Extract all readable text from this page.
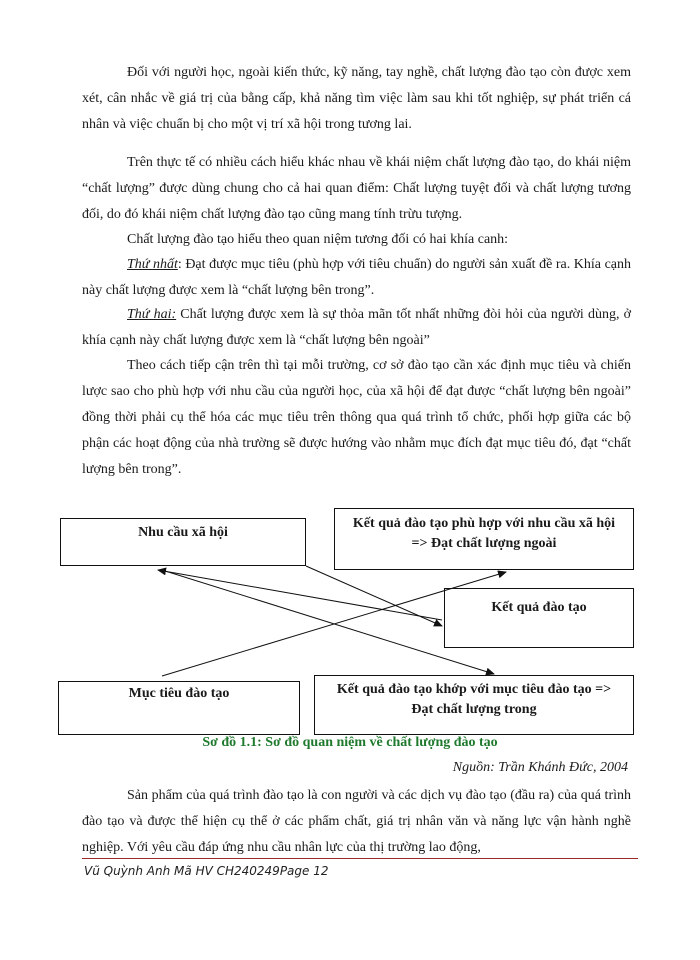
Đối với người học, ngoài kiến thức, kỹ năng, tay nghề, chất lượng đào tạo còn được xem xét, cân nhắc về giá trị của bằng cấp, khả năng tìm việc làm sau khi tốt nghiệp, sự phát triển cá nhân và việc chuẩn bị cho một vị trí xã hội trong tương lai.

Trên thực tế có nhiều cách hiểu khác nhau về khái niệm chất lượng đào tạo, do khái niệm “chất lượng” được dùng chung cho cả hai quan điểm: Chất lượng tuyệt đối và chất lượng tương đối, do đó khái niệm chất lượng đào tạo cũng mang tính trừu tượng.

Chất lượng đào tạo hiểu theo quan niệm tương đối có hai khía canh:

Thứ nhất: Đạt được mục tiêu (phù hợp với tiêu chuẩn) do người sản xuất đề ra. Khía cạnh này chất lượng được xem là “chất lượng bên trong”.

Thứ hai: Chất lượng được xem là sự thỏa mãn tốt nhất những đòi hỏi của người dùng, ở khía cạnh này chất lượng được xem là “chất lượng bên ngoài”

Theo cách tiếp cận trên thì tại mỗi trường, cơ sở đào tạo cần xác định mục tiêu và chiến lược sao cho phù hợp với nhu cầu của người học, của xã hội để đạt được “chất lượng bên ngoài” đồng thời phải cụ thể hóa các mục tiêu trên thông qua quá trình tổ chức, phối hợp giữa các bộ phận các hoạt động của nhà trường sẽ được hướng vào nhằm mục đích đạt mục tiêu đó, đạt “chất lượng bên trong”.

Nhu cầu xã hội
Kết quả đào tạo phù hợp với nhu cầu xã hội => Đạt chất lượng ngoài
Kết quả đào tạo
Mục tiêu đào tạo	Kết quả đào tạo khớp với mục tiêu đào tạo => Đạt chất lượng trong
Sơ đồ 1.1: Sơ đồ quan niệm về chất lượng đào tạo
Nguồn: Trần Khánh Đức, 2004

Sản phẩm của quá trình đào tạo là con người và các dịch vụ đào tạo (đầu ra) của quá trình đào tạo và được thể hiện cụ thể ở các phẩm chất, giá trị nhân văn và năng lực vận hành nghề nghiệp. Với yêu cầu đáp ứng nhu cầu nhân lực của thị trường lao động,

Vũ Quỳnh Anh Mã HV CH240249Page 12
